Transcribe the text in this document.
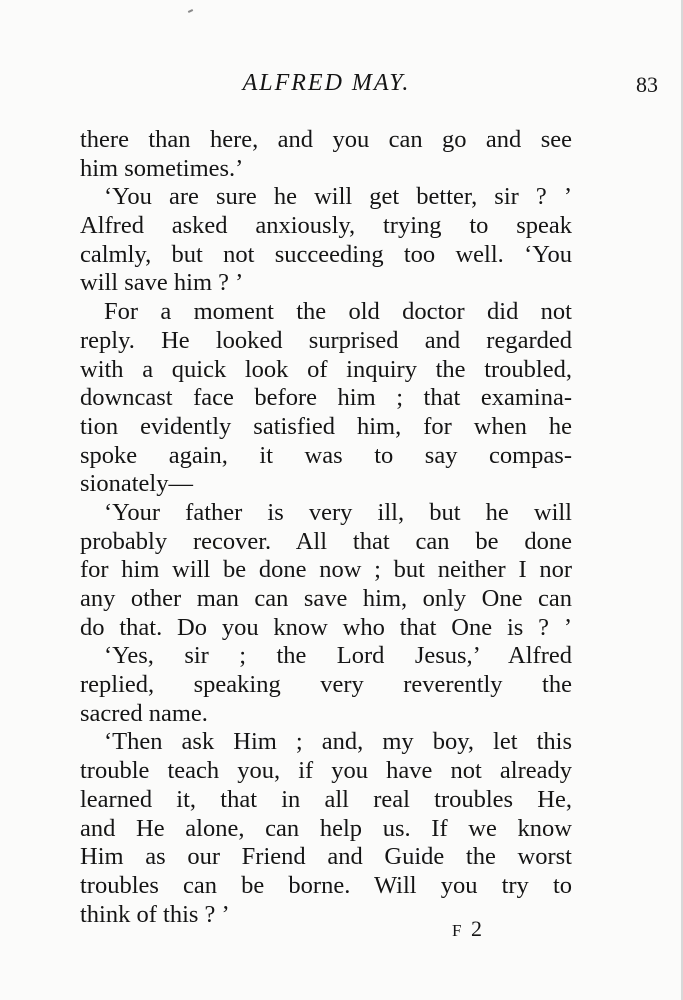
ALFRED MAY.	83
there than here, and you can go and see
him sometimes.’
‘You are sure he will get better, sir ? ’
Alfred asked anxiously, trying to speak
calmly, but not succeeding too well. ‘You
will save him ? ’
For a moment the old doctor did not
reply. He looked surprised and regarded
with a quick look of inquiry the troubled,
downcast face before him ; that examina-
tion evidently satisfied him, for when he
spoke again, it was to say compas-
sionately—
‘Your father is very ill, but he will
probably recover. All that can be done
for him will be done now ; but neither I nor
any other man can save him, only One can
do that. Do you know who that One is ? ’
‘Yes, sir ; the Lord Jesus,’ Alfred
replied, speaking very reverently the
sacred name.
‘Then ask Him ; and, my boy, let this
trouble teach you, if you have not already
learned it, that in all real troubles He,
and He alone, can help us. If we know
Him as our Friend and Guide the worst
troubles can be borne. Will you try to
think of this ? ’
F 2
